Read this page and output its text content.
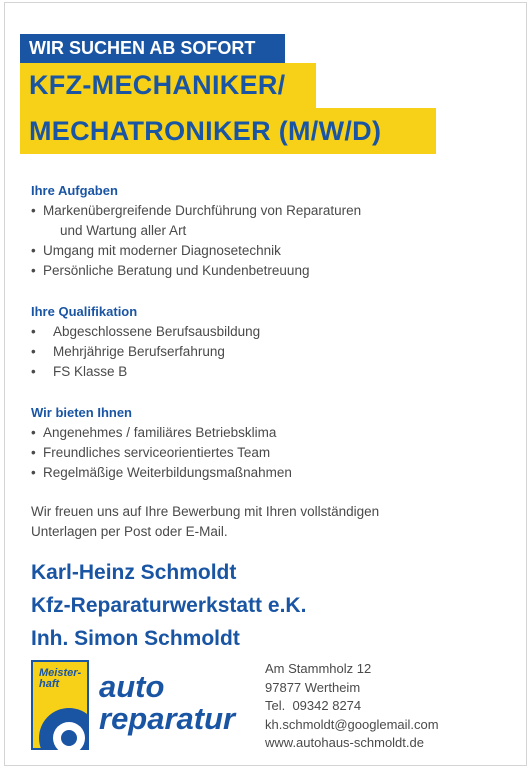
WIR SUCHEN AB SOFORT
KFZ-MECHANIKER/
MECHATRONIKER (M/W/D)
Ihre Aufgaben
• Markenübergreifende Durchführung von Reparaturen
und Wartung aller Art
• Umgang mit moderner Diagnosetechnik
• Persönliche Beratung und Kundenbetreuung
Ihre Qualifikation
• Abgeschlossene Berufsausbildung
• Mehrjährige Berufserfahrung
• FS Klasse B
Wir bieten Ihnen
• Angenehmes / familiäres Betriebsklima
• Freundliches serviceorientiertes Team
• Regelmäßige Weiterbildungsmaßnahmen
Wir freuen uns auf Ihre Bewerbung mit Ihren vollständigen
Unterlagen per Post oder E-Mail.
Karl-Heinz Schmoldt
Kfz-Reparaturwerkstatt e.K.
Inh. Simon Schmoldt
Meister-
haft	auto
reparatur
Am Stammholz 12
97877 Wertheim
Tel.  09342 8274
kh.schmoldt@googlemail.com
www.autohaus-schmoldt.de
